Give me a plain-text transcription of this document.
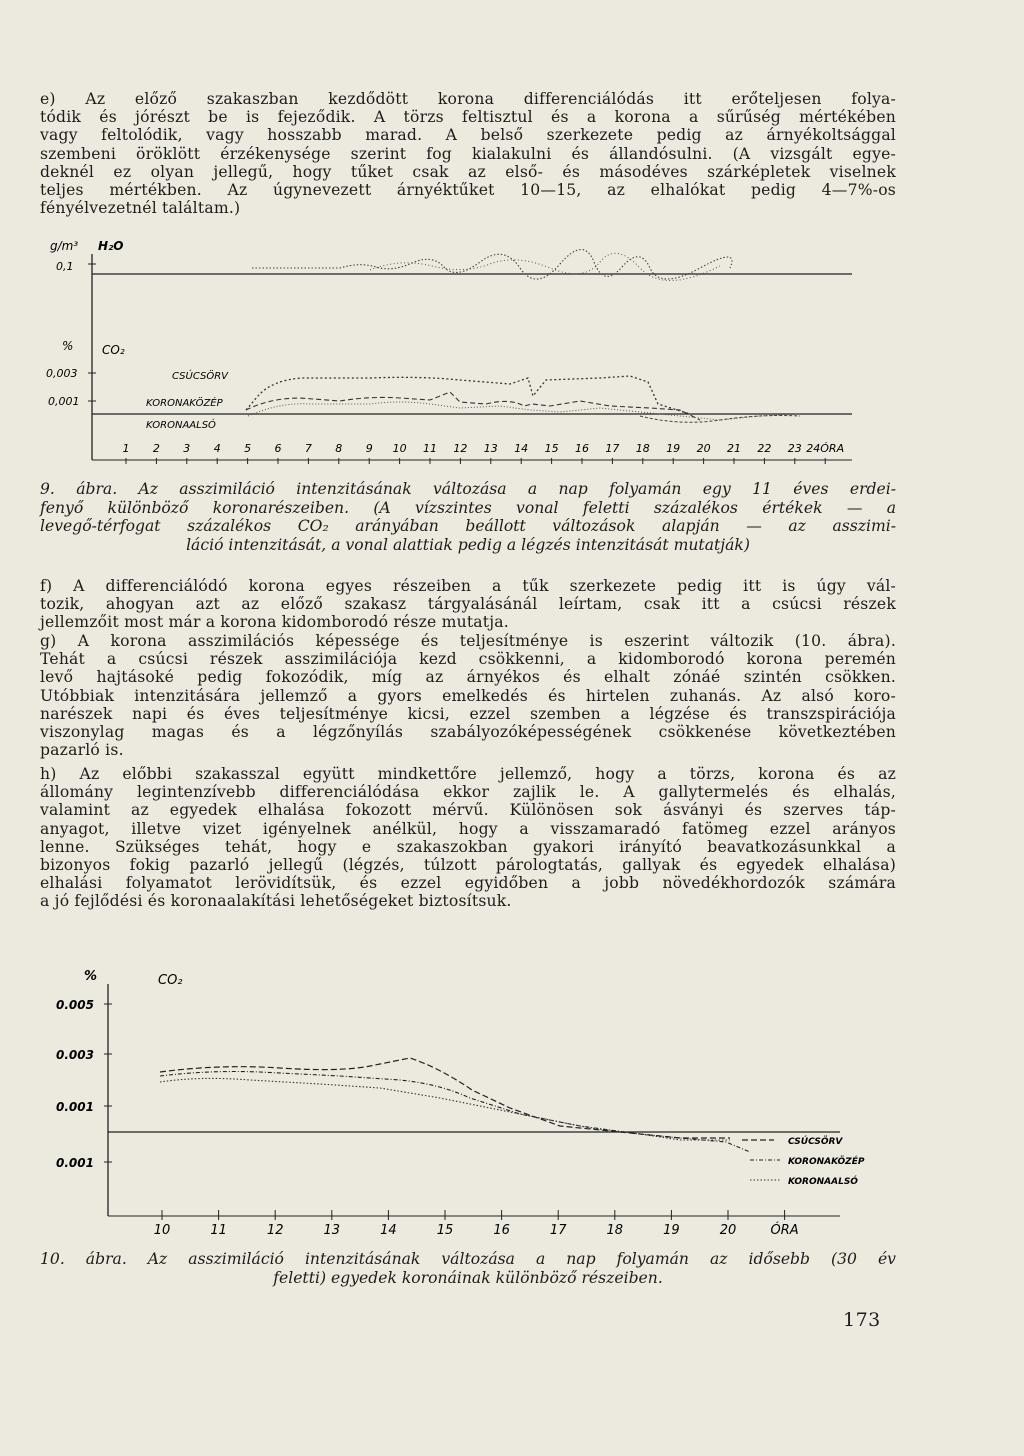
e) Az előző szakaszban kezdődött korona differenciálódás itt erőteljesen folya-
tódik és jórészt be is fejeződik. A törzs feltisztul és a korona a sűrűség mértékében
vagy feltolódik, vagy hosszabb marad. A belső szerkezete pedig az árnyékoltsággal
szembeni öröklött érzékenysége szerint fog kialakulni és állandósulni. (A vizsgált egye-
deknél ez olyan jellegű, hogy tűket csak az első- és másodéves szárképletek viselnek
teljes mértékben. Az úgynevezett árnyéktűket 10—15, az elhalókat pedig 4—7%-os
fényélvezetnél találtam.)
g/m³ H₂O
0,1
% CO₂
0,003
0,001
CSÚCSÖRV
KORONAKÖZÉP
KORONAALSÓ
1 2 3 4 5 6 7 8 9 10 11 12 13 14 15 16 17 18 19 20 21 22 23 24ÓRA
9. ábra. Az asszimiláció intenzitásának változása a nap folyamán egy 11 éves erdei-
fenyő különböző koronarészeiben. (A vízszintes vonal feletti százalékos értékek — a
levegő-térfogat százalékos CO₂ arányában beállott változások alapján — az asszimi-
láció intenzitását, a vonal alattiak pedig a légzés intenzitását mutatják)
f) A differenciálódó korona egyes részeiben a tűk szerkezete pedig itt is úgy vál-
tozik, ahogyan azt az előző szakasz tárgyalásánál leírtam, csak itt a csúcsi részek
jellemzőit most már a korona kidomborodó része mutatja.
g) A korona asszimilációs képessége és teljesítménye is eszerint változik (10. ábra).
Tehát a csúcsi részek asszimilációja kezd csökkenni, a kidomborodó korona peremén
levő hajtásoké pedig fokozódik, míg az árnyékos és elhalt zónáé szintén csökken.
Utóbbiak intenzitására jellemző a gyors emelkedés és hirtelen zuhanás. Az alsó koro-
narészek napi és éves teljesítménye kicsi, ezzel szemben a légzése és transzspirációja
viszonylag magas és a légzőnyílás szabályozóképességének csökkenése következtében
pazarló is.
h) Az előbbi szakasszal együtt mindkettőre jellemző, hogy a törzs, korona és az
állomány legintenzívebb differenciálódása ekkor zajlik le. A gallytermelés és elhalás,
valamint az egyedek elhalása fokozott mérvű. Különösen sok ásványi és szerves táp-
anyagot, illetve vizet igényelnek anélkül, hogy a visszamaradó fatömeg ezzel arányos
lenne. Szükséges tehát, hogy e szakaszokban gyakori irányító beavatkozásunkkal a
bizonyos fokig pazarló jellegű (légzés, túlzott párologtatás, gallyak és egyedek elhalása)
elhalási folyamatot lerövidítsük, és ezzel egyidőben a jobb növedékhordozók számára
a jó fejlődési és koronaalakítási lehetőségeket biztosítsuk.
%	CO₂
0.005
0.003
0.001
0.001
CSÚCSÖRV
KORONAKÖZÉP
KORONAALSÓ
10	11	12	13	14	15	16	17	18	19	20	ÓRA
10. ábra. Az asszimiláció intenzitásának változása a nap folyamán az idősebb (30 év
feletti) egyedek koronáinak különböző részeiben.
173
